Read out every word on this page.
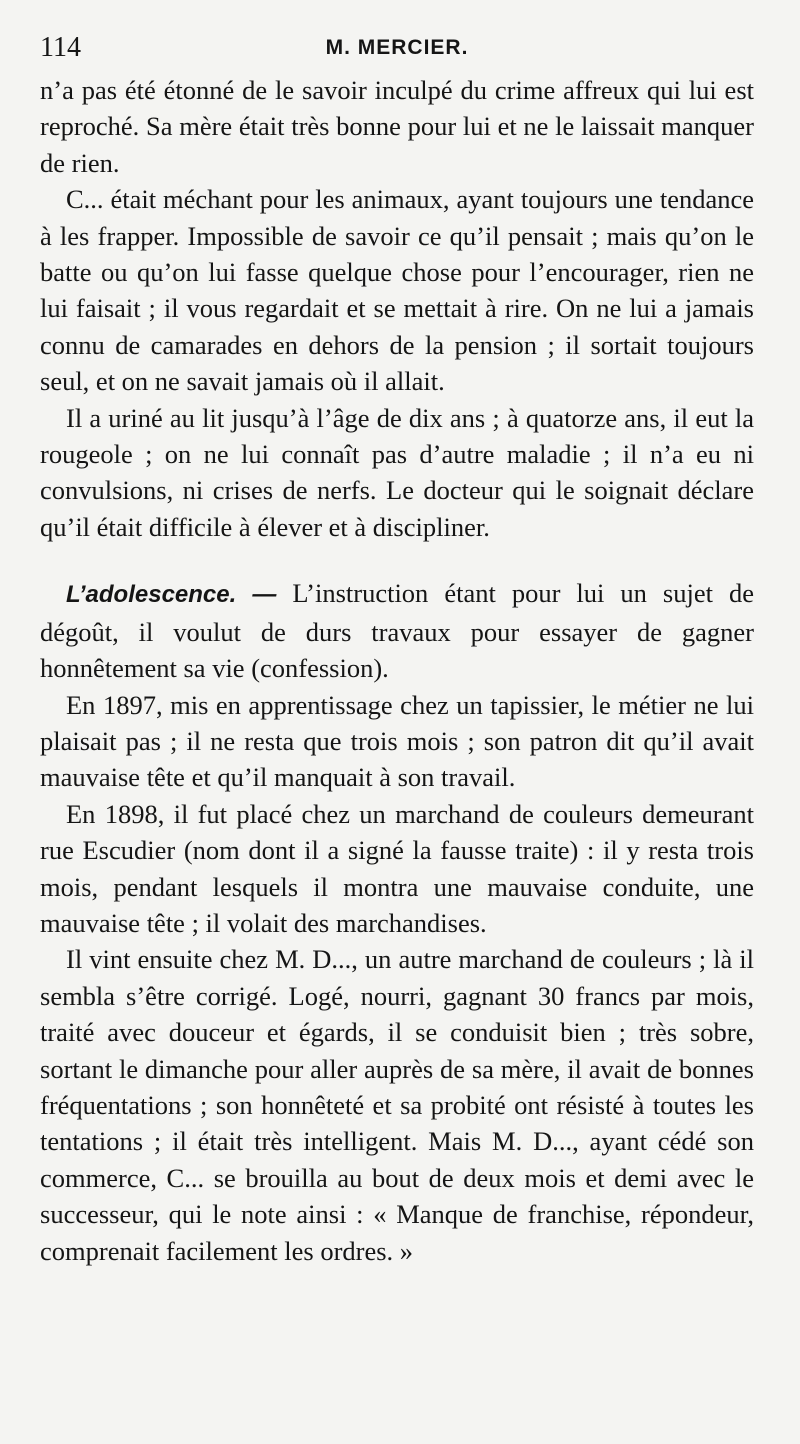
114	M. MERCIER.

n’a pas été étonné de le savoir inculpé du crime affreux qui lui est reproché. Sa mère était très bonne pour lui et ne le laissait manquer de rien.

C... était méchant pour les animaux, ayant toujours une tendance à les frapper. Impossible de savoir ce qu’il pensait ; mais qu’on le batte ou qu’on lui fasse quelque chose pour l’encourager, rien ne lui faisait ; il vous regardait et se mettait à rire. On ne lui a jamais connu de camarades en dehors de la pension ; il sortait toujours seul, et on ne savait jamais où il allait.

Il a uriné au lit jusqu’à l’âge de dix ans ; à quatorze ans, il eut la rougeole ; on ne lui connaît pas d’autre maladie ; il n’a eu ni convulsions, ni crises de nerfs. Le docteur qui le soignait déclare qu’il était difficile à élever et à discipliner.

L’adolescence. — L’instruction étant pour lui un sujet de dégoût, il voulut de durs travaux pour essayer de gagner honnêtement sa vie (confession).

En 1897, mis en apprentissage chez un tapissier, le métier ne lui plaisait pas ; il ne resta que trois mois ; son patron dit qu’il avait mauvaise tête et qu’il manquait à son travail.

En 1898, il fut placé chez un marchand de couleurs demeurant rue Escudier (nom dont il a signé la fausse traite) : il y resta trois mois, pendant lesquels il montra une mauvaise conduite, une mauvaise tête ; il volait des marchandises.

Il vint ensuite chez M. D..., un autre marchand de couleurs ; là il sembla s’être corrigé. Logé, nourri, gagnant 30 francs par mois, traité avec douceur et égards, il se conduisit bien ; très sobre, sortant le dimanche pour aller auprès de sa mère, il avait de bonnes fréquentations ; son honnêteté et sa probité ont résisté à toutes les tentations ; il était très intelligent. Mais M. D..., ayant cédé son commerce, C... se brouilla au bout de deux mois et demi avec le successeur, qui le note ainsi : « Manque de franchise, répondeur, comprenait facilement les ordres. »
